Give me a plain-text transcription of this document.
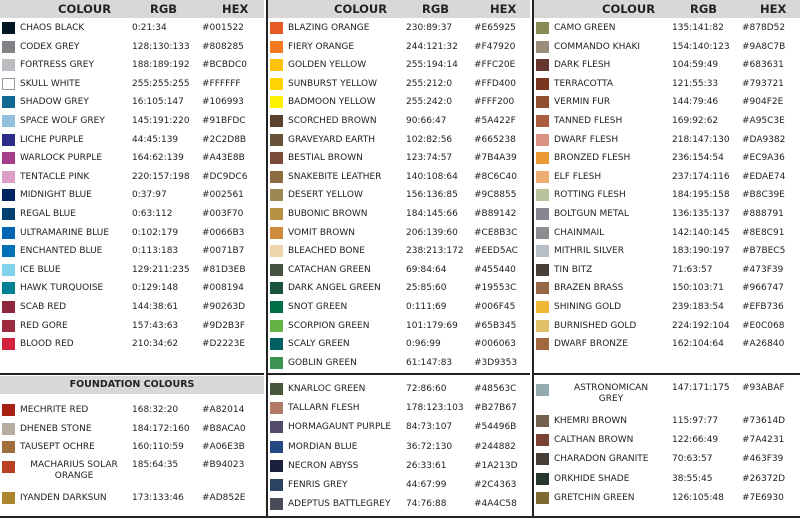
COLOUR	RGB	HEX
CHAOS BLACK	0:21:34	#001522
CODEX GREY	128:130:133 #808285
FORTRESS GREY	188:189:192 #BCBDC0
SKULL WHITE	255:255:255 #FFFFFF
SHADOW GREY	16:105:147 #106993
SPACE WOLF GREY	145:191:220 #91BFDC
LICHE PURPLE	44:45:139	#2C2D8B
WARLOCK PURPLE	164:62:139 #A43E8B
TENTACLE PINK	220:157:198 #DC9DC6
MIDNIGHT BLUE	0:37:97	#002561
REGAL BLUE	0:63:112	#003F70
ULTRAMARINE BLUE	0:102:179	#0066B3
ENCHANTED BLUE	0:113:183	#0071B7
ICE BLUE	129:211:235 #81D3EB
HAWK TURQUOISE	0:129:148	#008194
SCAB RED	144:38:61	#90263D
RED GORE	157:43:63	#9D2B3F
BLOOD RED	210:34:62	#D2223E
FOUNDATION COLOURS
MECHRITE RED	168:32:20	#A82014
DHENEB STONE	184:172:160 #B8ACA0
TAUSEPT OCHRE	160:110:59 #A06E3B
MACHARIUS SOLAR
ORANGE
185:64:35	#B94023
IYANDEN DARKSUN	173:133:46 #AD852E
COLOUR	RGB	HEX
BLAZING ORANGE	230:89:37 #E65925
FIERY ORANGE	244:121:32 #F47920
GOLDEN YELLOW	255:194:14 #FFC20E
SUNBURST YELLOW	255:212:0 #FFD400
BADMOON YELLOW	255:242:0 #FFF200
SCORCHED BROWN	90:66:47	#5A422F
GRAVEYARD EARTH	102:82:56 #665238
BESTIAL BROWN	123:74:57 #7B4A39
SNAKEBITE LEATHER	140:108:64 #8C6C40
DESERT YELLOW	156:136:85 #9C8855
BUBONIC BROWN	184:145:66 #B89142
VOMIT BROWN	206:139:60 #CE8B3C
BLEACHED BONE	238:213:172 #EED5AC
CATACHAN GREEN	69:84:64	#455440
DARK ANGEL GREEN	25:85:60	#19553C
SNOT GREEN	0:111:69	#006F45
SCORPION GREEN	101:179:69 #65B345
SCALY GREEN	0:96:99	#006063
GOBLIN GREEN	61:147:83 #3D9353
KNARLOC GREEN	72:86:60	#48563C
TALLARN FLESH	178:123:103 #B27B67
HORMAGAUNT PURPLE 84:73:107 #54496B
MORDIAN BLUE	36:72:130 #244882
NECRON ABYSS	26:33:61	#1A213D
FENRIS GREY	44:67:99	#2C4363
ADEPTUS BATTLEGREY 74:76:88	#4A4C58
COLOUR	RGB	HEX
CAMO GREEN	135:141:82 #878D52
COMMANDO KHAKI	154:140:123 #9A8C7B
DARK FLESH	104:59:49	#683631
TERRACOTTA	121:55:33	#793721
VERMIN FUR	144:79:46	#904F2E
TANNED FLESH	169:92:62	#A95C3E
DWARF FLESH	218:147:130 #DA9382
BRONZED FLESH	236:154:54 #EC9A36
ELF FLESH	237:174:116 #EDAE74
ROTTING FLESH	184:195:158 #B8C39E
BOLTGUN METAL	136:135:137 #888791
CHAINMAIL	142:140:145 #8E8C91
MITHRIL SILVER	183:190:197 #B7BEC5
TIN BITZ	71:63:57	#473F39
BRAZEN BRASS	150:103:71 #966747
SHINING GOLD	239:183:54 #EFB736
BURNISHED GOLD	224:192:104 #E0C068
DWARF BRONZE	162:104:64 #A26840
ASTRONOMICAN
GREY
147:171:175 #93ABAF
KHEMRI BROWN	115:97:77	#73614D
CALTHAN BROWN	122:66:49	#7A4231
CHARADON GRANITE	70:63:57	#463F39
ORKHIDE SHADE	38:55:45	#26372D
GRETCHIN GREEN	126:105:48 #7E6930
